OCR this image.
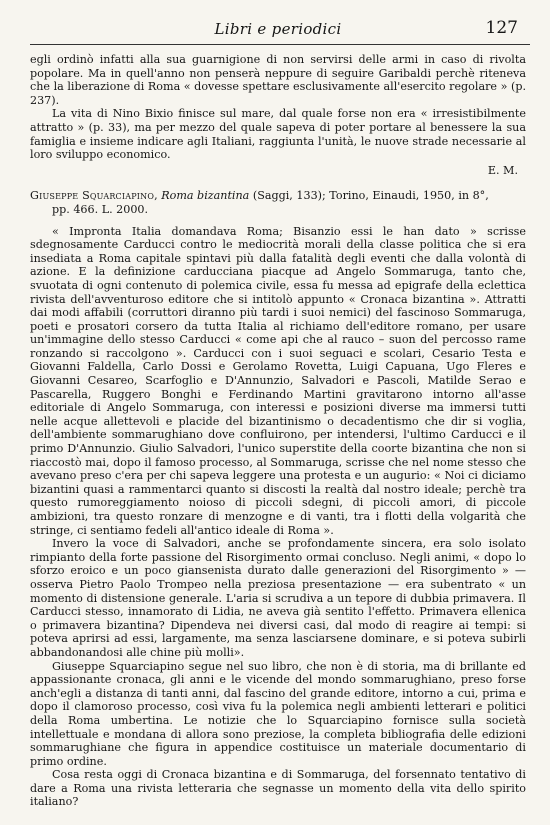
Libri e periodici	127

egli ordinò infatti alla sua guarnigione di non servirsi delle armi in caso di rivolta popolare. Ma in quell'anno non penserà neppure di seguire Garibaldi perchè riteneva che la liberazione di Roma « dovesse spettare esclusivamente all'esercito regolare » (p. 237).

La vita di Nino Bixio finisce sul mare, dal quale forse non era « irresistibilmente attratto » (p. 33), ma per mezzo del quale sapeva di poter portare al benessere la sua famiglia e insieme indicare agli Italiani, raggiunta l'unità, le nuove strade necessarie al loro sviluppo economico.

E. M.
Giuseppe Squarciapino, Roma bizantina (Saggi, 133); Torino, Einaudi, 1950, in 8°,
pp. 466. L. 2000.

« Impronta Italia domandava Roma; Bisanzio essi le han dato » scrisse sdegnosamente Carducci contro le mediocrità morali della classe politica che si era insediata a Roma capitale spintavi più dalla fatalità degli eventi che dalla volontà di azione. E la definizione carducciana piacque ad Angelo Sommaruga, tanto che, svuotata di ogni contenuto di polemica civile, essa fu messa ad epigrafe della eclettica rivista dell'avventuroso editore che si intitolò appunto « Cronaca bizantina ». Attratti dai modi affabili (corruttori diranno più tardi i suoi nemici) del fascinoso Sommaruga, poeti e prosatori corsero da tutta Italia al richiamo dell'editore romano, per usare un'immagine dello stesso Carducci « come api che al rauco – suon del percosso rame ronzando si raccolgono ». Carducci con i suoi seguaci e scolari, Cesario Testa e Giovanni Faldella, Carlo Dossi e Gerolamo Rovetta, Luigi Capuana, Ugo Fleres e Giovanni Cesareo, Scarfoglio e D'Annunzio, Salvadori e Pascoli, Matilde Serao e Pascarella, Ruggero Bonghi e Ferdinando Martini gravitarono intorno all'asse editoriale di Angelo Sommaruga, con interessi e posizioni diverse ma immersi tutti nelle acque allettevoli e placide del bizantinismo o decadentismo che dir si voglia, dell'ambiente sommarughiano dove confluirono, per intendersi, l'ultimo Carducci e il primo D'Annunzio. Giulio Salvadori, l'unico superstite della coorte bizantina che non si riaccostò mai, dopo il famoso processo, al Sommaruga, scrisse che nel nome stesso che avevano preso c'era per chi sapeva leggere una protesta e un augurio: « Noi ci diciamo bizantini quasi a rammentarci quanto si discosti la realtà dal nostro ideale; perchè tra questo rumoreggiamento noioso di piccoli sdegni, di piccoli amori, di piccole ambizioni, tra questo ronzare di menzogne e di vanti, tra i flotti della volgarità che stringe, ci sentiamo fedeli all'antico ideale di Roma ».

Invero la voce di Salvadori, anche se profondamente sincera, era solo isolato rimpianto della forte passione del Risorgimento ormai concluso. Negli animi, « dopo lo sforzo eroico e un poco giansenista durato dalle generazioni del Risorgimento » — osserva Pietro Paolo Trompeo nella preziosa presentazione — era subentrato « un momento di distensione generale. L'aria si scrudiva a un tepore di dubbia primavera. Il Carducci stesso, innamorato di Lidia, ne aveva già sentito l'effetto. Primavera ellenica o primavera bizantina? Dipendeva nei diversi casi, dal modo di reagire ai tempi: si poteva aprirsi ad essi, largamente, ma senza lasciarsene dominare, e si poteva subirli abbandonandosi alle chine più molli».

Giuseppe Squarciapino segue nel suo libro, che non è di storia, ma di brillante ed appassionante cronaca, gli anni e le vicende del mondo sommarughiano, preso forse anch'egli a distanza di tanti anni, dal fascino del grande editore, intorno a cui, prima e dopo il clamoroso processo, così viva fu la polemica negli ambienti letterari e politici della Roma umbertina. Le notizie che lo Squarciapino fornisce sulla società intellettuale e mondana di allora sono preziose, la completa bibliografia delle edizioni sommarughiane che figura in appendice costituisce un materiale documentario di primo ordine.

Cosa resta oggi di Cronaca bizantina e di Sommaruga, del forsennato tentativo di dare a Roma una rivista letteraria che segnasse un momento della vita dello spirito italiano?
